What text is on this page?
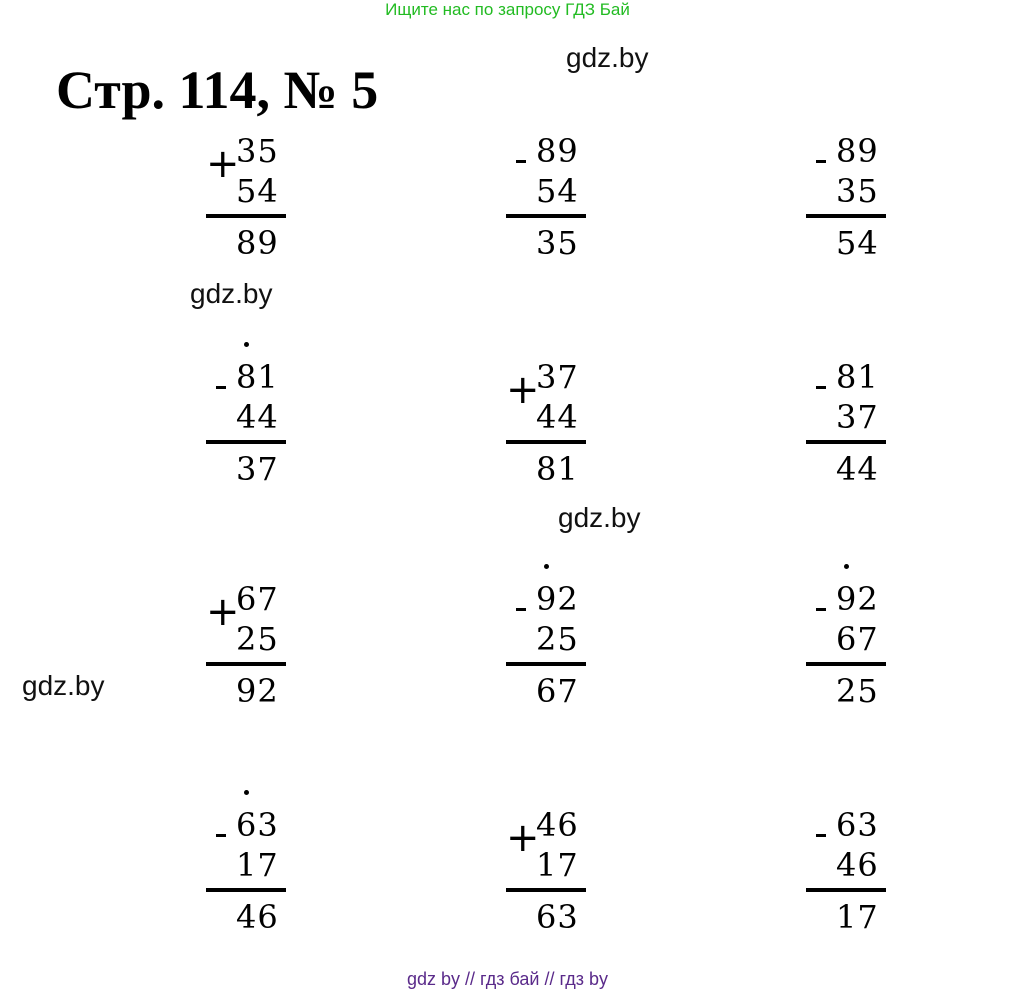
Ищите нас по запросу ГДЗ Бай
Стр. 114, № 5
gdz.by
gdz.by
gdz.by
gdz.by
+
35
54
89
89
54
35
89
35
54
81
44
37
+
37
44
81
81
37
44
+
67
25
92
92
25
67
92
67
25
63
17
46
+
46
17
63
63
46
17
gdz by // гдз бай // гдз by
